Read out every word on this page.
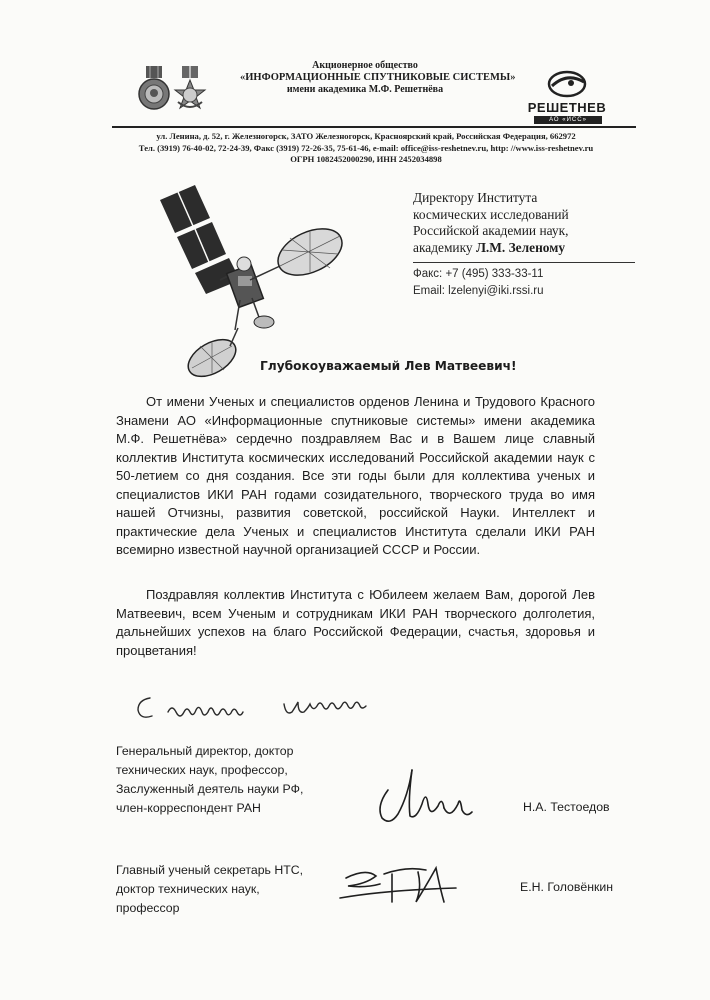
Акционерное общество
«ИНФОРМАЦИОННЫЕ СПУТНИКОВЫЕ СИСТЕМЫ»
имени академика М.Ф. Решетнёва
РЕШЕТНЕВ
АО «ИСС»
ул. Ленина, д. 52, г. Железногорск, ЗАТО Железногорск, Красноярский край, Российская Федерация, 662972
Тел. (3919) 76-40-02, 72-24-39, Факс (3919) 72-26-35, 75-61-46, e-mail: office@iss-reshetnev.ru, http: //www.iss-reshetnev.ru
ОГРН 1082452000290, ИНН 2452034898
Директору Института
космических исследований
Российской академии наук,
академику Л.М. Зеленому
Факс: +7 (495) 333-33-11
Email: lzelenyi@iki.rssi.ru
Глубокоуважаемый Лев Матвеевич!
От имени Ученых и специалистов орденов Ленина и Трудового Красного Знамени АО «Информационные спутниковые системы» имени академика М.Ф. Решетнёва» сердечно поздравляем Вас и в Вашем лице славный коллектив Института космических исследований Российской академии наук с 50-летием со дня создания. Все эти годы были для коллектива ученых и специалистов ИКИ РАН годами созидательного, творческого труда во имя нашей Отчизны, развития советской, российской Науки. Интеллект и практические дела Ученых и специалистов Института сделали ИКИ РАН всемирно известной научной организацией СССР и России.
Поздравляя коллектив Института с Юбилеем желаем Вам, дорогой Лев Матвеевич, всем Ученым и сотрудникам ИКИ РАН творческого долголетия, дальнейших успехов на благо Российской Федерации, счастья, здоровья и процветания!
Генеральный директор, доктор
технических наук, профессор,
Заслуженный деятель науки РФ,
член-корреспондент РАН	Н.А. Тестоедов
Главный ученый секретарь НТС,
доктор технических наук,
профессор
Е.Н. Головёнкин
